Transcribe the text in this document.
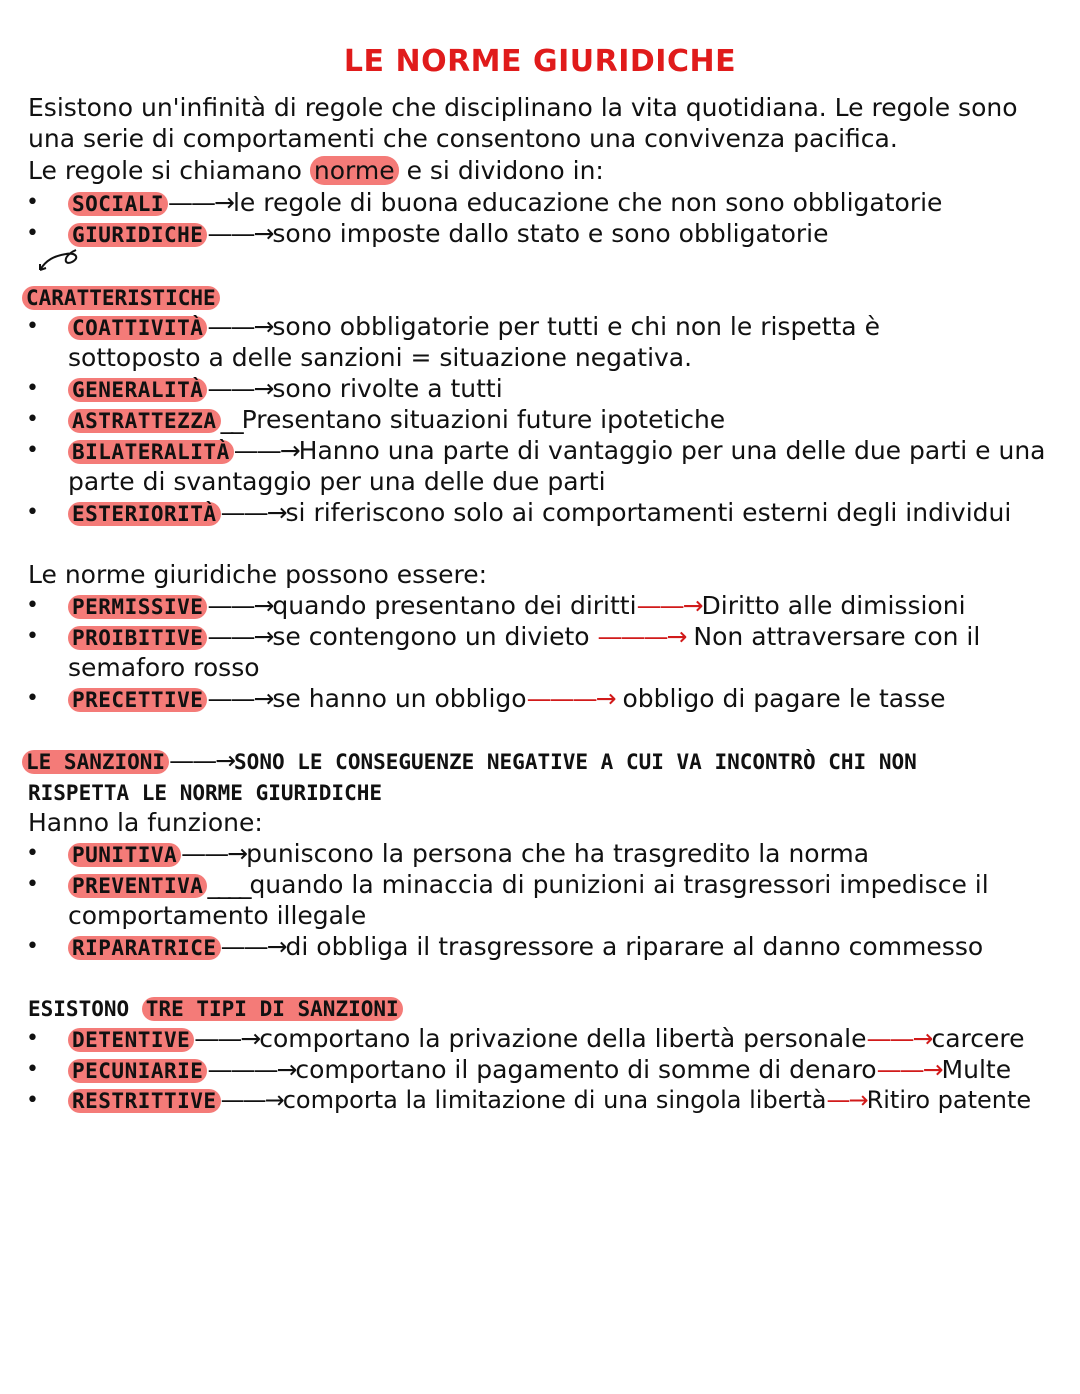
LE NORME GIURIDICHE
Esistono un'infinità di regole che disciplinano la vita quotidiana. Le regole sono
una serie di comportamenti che consentono una convivenza pacifica.
Le regole si chiamano norme e si dividono in:
• SOCIALI ——→le regole di buona educazione che non sono obbligatorie
• GIURIDICHE ——→sono imposte dallo stato e sono obbligatorie
CARATTERISTICHE
• COATTIVITÀ ——→sono obbligatorie per tutti e chi non le rispetta è
sottoposto a delle sanzioni = situazione negativa.
• GENERALITÀ ——→sono rivolte a tutti
• ASTRATTEZZA __Presentano situazioni future ipotetiche
• BILATERALITÀ ——→Hanno una parte di vantaggio per una delle due parti e una
parte di svantaggio per una delle due parti
• ESTERIORITÀ ——→si riferiscono solo ai comportamenti esterni degli individui
Le norme giuridiche possono essere:
• PERMISSIVE ——→quando presentano dei diritti——→Diritto alle dimissioni
• PROIBITIVE ——→se contengono un divieto ———→ Non attraversare con il
semaforo rosso
• PRECETTIVE ——→se hanno un obbligo———→ obbligo di pagare le tasse
LE SANZIONI ——→SONO LE CONSEGUENZE NEGATIVE A CUI VA INCONTRÒ CHI NON
RISPETTA LE NORME GIURIDICHE
Hanno la funzione:
• PUNITIVA——→puniscono la persona che ha trasgredito la norma
• PREVENTIVA ____quando la minaccia di punizioni ai trasgressori impedisce il
comportamento illegale
• RIPARATRICE——→di obbliga il trasgressore a riparare al danno commesso
ESISTONO TRE TIPI DI SANZIONI
• DETENTIVE ——→comportano la privazione della libertà personale——→carcere
• PECUNIARIE———→comportano il pagamento di somme di denaro——→Multe
• RESTRITTIVE ——→comporta la limitazione di una singola libertà—→Ritiro patente
